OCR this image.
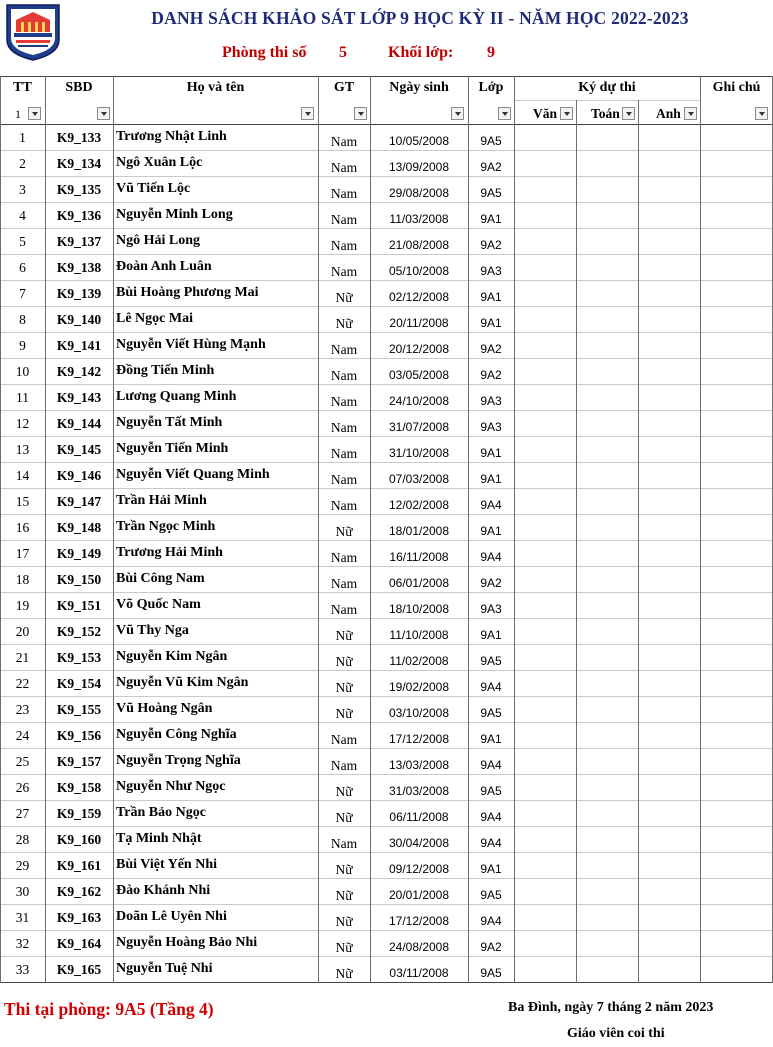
DANH SÁCH KHẢO SÁT LỚP 9 HỌC KỲ II - NĂM HỌC 2022-2023
Phòng thi số 5	Khối lớp: 9
TT	SBD	Họ và tên	GT	Ngày sinh	Lớp	Ký dự thi	Ghi chú
1	Văn	Toán	Anh
1	K9_133	Trương Nhật Linh	Nam	10/05/2008	9A5
2	K9_134	Ngô Xuân Lộc	Nam	13/09/2008	9A2
3	K9_135	Vũ Tiến Lộc	Nam	29/08/2008	9A5
4	K9_136	Nguyễn Minh Long	Nam	11/03/2008	9A1
5	K9_137	Ngô Hải Long	Nam	21/08/2008	9A2
6	K9_138	Đoàn Anh Luân	Nam	05/10/2008	9A3
7	K9_139	Bùi Hoàng Phương Mai	Nữ	02/12/2008	9A1
8	K9_140	Lê Ngọc Mai	Nữ	20/11/2008	9A1
9	K9_141	Nguyễn Viết Hùng Mạnh	Nam	20/12/2008	9A2
10	K9_142	Đồng Tiến Minh	Nam	03/05/2008	9A2
11	K9_143	Lương Quang Minh	Nam	24/10/2008	9A3
12	K9_144	Nguyễn Tất Minh	Nam	31/07/2008	9A3
13	K9_145	Nguyễn Tiến Minh	Nam	31/10/2008	9A1
14	K9_146	Nguyễn Viết Quang Minh	Nam	07/03/2008	9A1
15	K9_147	Trần Hải Minh	Nam	12/02/2008	9A4
16	K9_148	Trần Ngọc Minh	Nữ	18/01/2008	9A1
17	K9_149	Trương Hải Minh	Nam	16/11/2008	9A4
18	K9_150	Bùi Công Nam	Nam	06/01/2008	9A2
19	K9_151	Võ Quốc Nam	Nam	18/10/2008	9A3
20	K9_152	Vũ Thy Nga	Nữ	11/10/2008	9A1
21	K9_153	Nguyễn Kim Ngân	Nữ	11/02/2008	9A5
22	K9_154	Nguyễn Vũ Kim Ngân	Nữ	19/02/2008	9A4
23	K9_155	Vũ Hoàng Ngân	Nữ	03/10/2008	9A5
24	K9_156	Nguyễn Công Nghĩa	Nam	17/12/2008	9A1
25	K9_157	Nguyễn Trọng Nghĩa	Nam	13/03/2008	9A4
26	K9_158	Nguyễn Như Ngọc	Nữ	31/03/2008	9A5
27	K9_159	Trần Bảo Ngọc	Nữ	06/11/2008	9A4
28	K9_160	Tạ Minh Nhật	Nam	30/04/2008	9A4
29	K9_161	Bùi Việt Yến Nhi	Nữ	09/12/2008	9A1
30	K9_162	Đào Khánh Nhi	Nữ	20/01/2008	9A5
31	K9_163	Doãn Lê Uyên Nhi	Nữ	17/12/2008	9A4
32	K9_164	Nguyễn Hoàng Bảo Nhi	Nữ	24/08/2008	9A2
33	K9_165	Nguyễn Tuệ Nhi	Nữ	03/11/2008	9A5
Thi tại phòng: 9A5 (Tầng 4)	Ba Đình, ngày 7 tháng 2 năm 2023
Giáo viên coi thi
